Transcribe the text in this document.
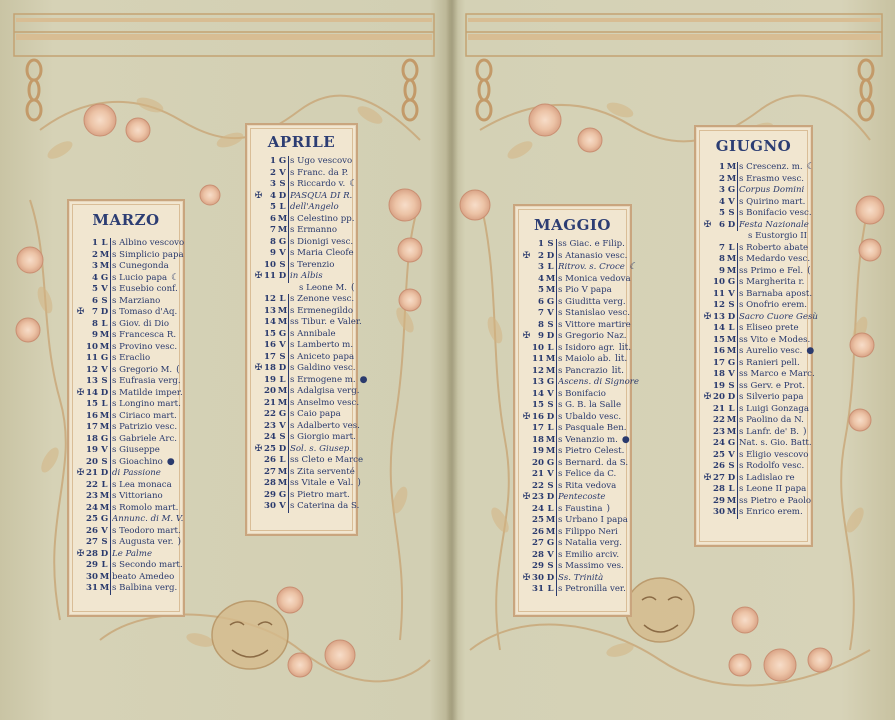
MARZO
1 L s Albino vescovo
2 M s Simplicio papa
3 M s Cunegonda
4 G s Lucio papa ☾
5 V s Eusebio conf.
6 S s Marziano
✠ 7 D s Tomaso d'Aq.
8 L s Giov. di Dio
9 M s Francesca R.
10 M s Provino vesc.
11 G s Eraclio
12 V s Gregorio M. (
13 S s Eufrasia verg.
✠ 14 D s Matilde imper.
15 L s Longino mart.
16 M s Ciriaco mart.
17 M s Patrizio vesc.
18 G s Gabriele Arc.
19 V s Giuseppe
20 S s Gioachino ●
✠ 21 D di Passione
22 L s Lea monaca
23 M s Vittoriano
24 M s Romolo mart.
25 G Annunc. di M. V.
26 V s Teodoro mart.
27 S s Augusta ver. )
✠ 28 D Le Palme
29 L s Secondo mart.
30 M beato Amedeo
31 M s Balbina verg.
APRILE
1 G s Ugo vescovo
2 V s Franc. da P.
3 S s Riccardo v. ☾
✠ 4 D PASQUA DI R.
5 L dell'Angelo
6 M s Celestino pp.
7 M s Ermanno
8 G s Dionigi vesc.
9 V s Maria Cleofe
10 S s Terenzio
✠ 11 D in Albis
s Leone M. (
12 L s Zenone vesc.
13 M s Ermenegildo
14 M ss Tibur. e Valer.
15 G s Annibale
16 V s Lamberto m.
17 S s Aniceto papa
✠ 18 D s Galdino vesc.
19 L s Ermogene m. ●
20 M s Adalgisa verg.
21 M s Anselmo vesc.
22 G s Caio papa
23 V s Adalberto ves.
24 S s Giorgio mart.
✠ 25 D Sol. s. Giusep.
26 L ss Cleto e Marce
27 M s Zita serventé
28 M ss Vitale e Val. )
29 G s Pietro mart.
30 V s Caterina da S.
MAGGIO
1 S ss Giac. e Filip.
✠ 2 D s Atanasio vesc.
3 L Ritrov. s. Croce ☾
4 M s Monica vedova
5 M s Pio V papa
6 G s Giuditta verg.
7 V s Stanislao vesc.
8 S s Vittore martire
✠ 9 D s Gregorio Naz.
10 L s Isidoro agr. lit.
11 M s Maiolo ab. lit.
12 M s Pancrazio lit.
13 G Ascens. di Signore
14 V s Bonifacio
15 S s G. B. la Salle
✠ 16 D s Ubaldo vesc.
17 L s Pasquale Ben.
18 M s Venanzio m. ●
19 M s Pietro Celest.
20 G s Bernard. da S.
21 V s Felice da C.
22 S s Rita vedova
✠ 23 D Pentecoste
24 L s Faustina )
25 M s Urbano I papa
26 M s Filippo Neri
27 G s Natalia verg.
28 V s Emilio arciv.
29 S s Massimo ves.
✠ 30 D Ss. Trinità
31 L s Petronilla ver.
GIUGNO
1 M s Crescenz. m. ☾
2 M s Erasmo vesc.
3 G Corpus Domini
4 V s Quirino mart.
5 S s Bonifacio vesc.
✠ 6 D Festa Nazionale
s Eustorgio II
7 L s Roberto abate
8 M s Medardo vesc.
9 M ss Primo e Fel. (
10 G s Margherita r.
11 V s Barnaba apost.
12 S s Onofrio erem.
✠ 13 D Sacro Cuore Gesù
14 L s Eliseo prete
15 M ss Vito e Modes.
16 M s Aurelio vesc. ●
17 G s Ranieri pell.
18 V ss Marco e Marc.
19 S ss Gerv. e Prot.
✠ 20 D s Silverio papa
21 L s Luigi Gonzaga
22 M s Paolino da N.
23 M s Lanfr. de' B. )
24 G Nat. s. Gio. Batt.
25 V s Eligio vescovo
26 S s Rodolfo vesc.
✠ 27 D s Ladislao re
28 L s Leone II papa
29 M ss Pietro e Paolo
30 M s Enrico erem.
